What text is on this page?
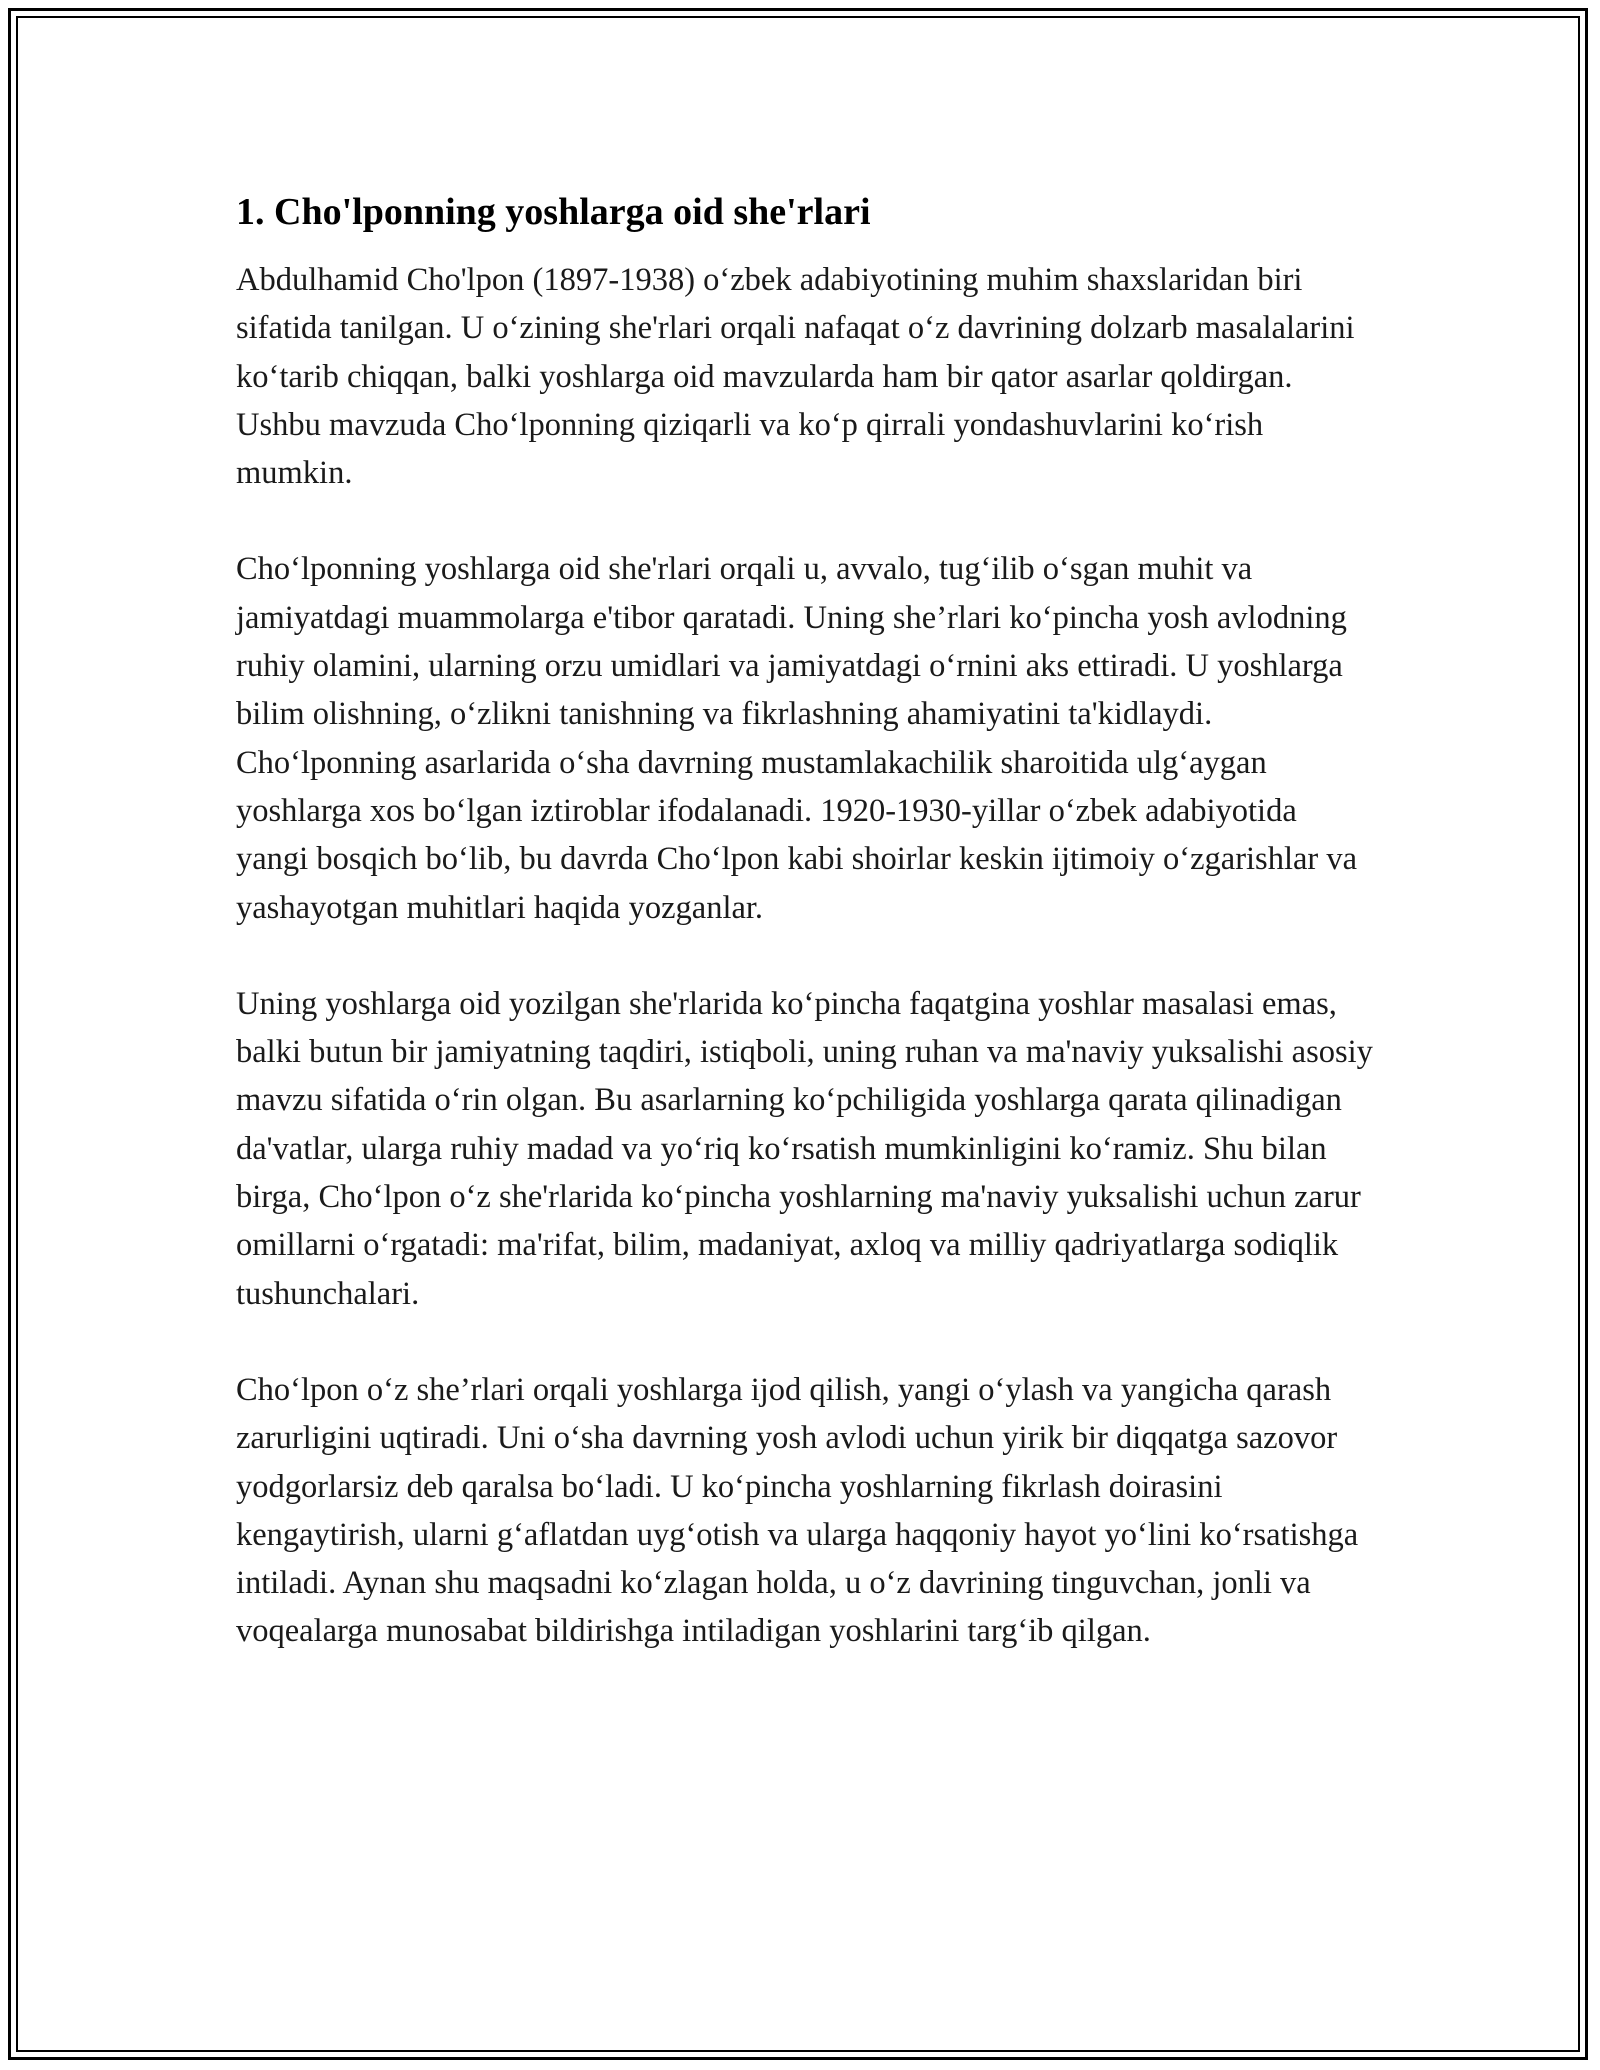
1. Cho'lponning yoshlarga oid she'rlari

Abdulhamid Cho'lpon (1897-1938) o‘zbek adabiyotining muhim shaxslaridan biri sifatida tanilgan. U o‘zining she'rlari orqali nafaqat o‘z davrining dolzarb masalalarini ko‘tarib chiqqan, balki yoshlarga oid mavzularda ham bir qator asarlar qoldirgan. Ushbu mavzuda Cho‘lponning qiziqarli va ko‘p qirrali yondashuvlarini ko‘rish mumkin.

Cho‘lponning yoshlarga oid she'rlari orqali u, avvalo, tug‘ilib o‘sgan muhit va jamiyatdagi muammolarga e'tibor qaratadi. Uning she’rlari ko‘pincha yosh avlodning ruhiy olamini, ularning orzu umidlari va jamiyatdagi o‘rnini aks ettiradi. U yoshlarga bilim olishning, o‘zlikni tanishning va fikrlashning ahamiyatini ta'kidlaydi. Cho‘lponning asarlarida o‘sha davrning mustamlakachilik sharoitida ulg‘aygan yoshlarga xos bo‘lgan iztiroblar ifodalanadi. 1920-1930-yillar o‘zbek adabiyotida yangi bosqich bo‘lib, bu davrda Cho‘lpon kabi shoirlar keskin ijtimoiy o‘zgarishlar va yashayotgan muhitlari haqida yozganlar.

Uning yoshlarga oid yozilgan she'rlarida ko‘pincha faqatgina yoshlar masalasi emas, balki butun bir jamiyatning taqdiri, istiqboli, uning ruhan va ma'naviy yuksalishi asosiy mavzu sifatida o‘rin olgan. Bu asarlarning ko‘pchiligida yoshlarga qarata qilinadigan da'vatlar, ularga ruhiy madad va yo‘riq ko‘rsatish mumkinligini ko‘ramiz. Shu bilan birga, Cho‘lpon o‘z she'rlarida ko‘pincha yoshlarning ma'naviy yuksalishi uchun zarur omillarni o‘rgatadi: ma'rifat, bilim, madaniyat, axloq va milliy qadriyatlarga sodiqlik tushunchalari.

Cho‘lpon o‘z she’rlari orqali yoshlarga ijod qilish, yangi o‘ylash va yangicha qarash zarurligini uqtiradi. Uni o‘sha davrning yosh avlodi uchun yirik bir diqqatga sazovor yodgorlarsiz deb qaralsa bo‘ladi. U ko‘pincha yoshlarning fikrlash doirasini kengaytirish, ularni g‘aflatdan uyg‘otish va ularga haqqoniy hayot yo‘lini ko‘rsatishga intiladi. Aynan shu maqsadni ko‘zlagan holda, u o‘z davrining tinguvchan, jonli va voqealarga munosabat bildirishga intiladigan yoshlarini targ‘ib qilgan.
